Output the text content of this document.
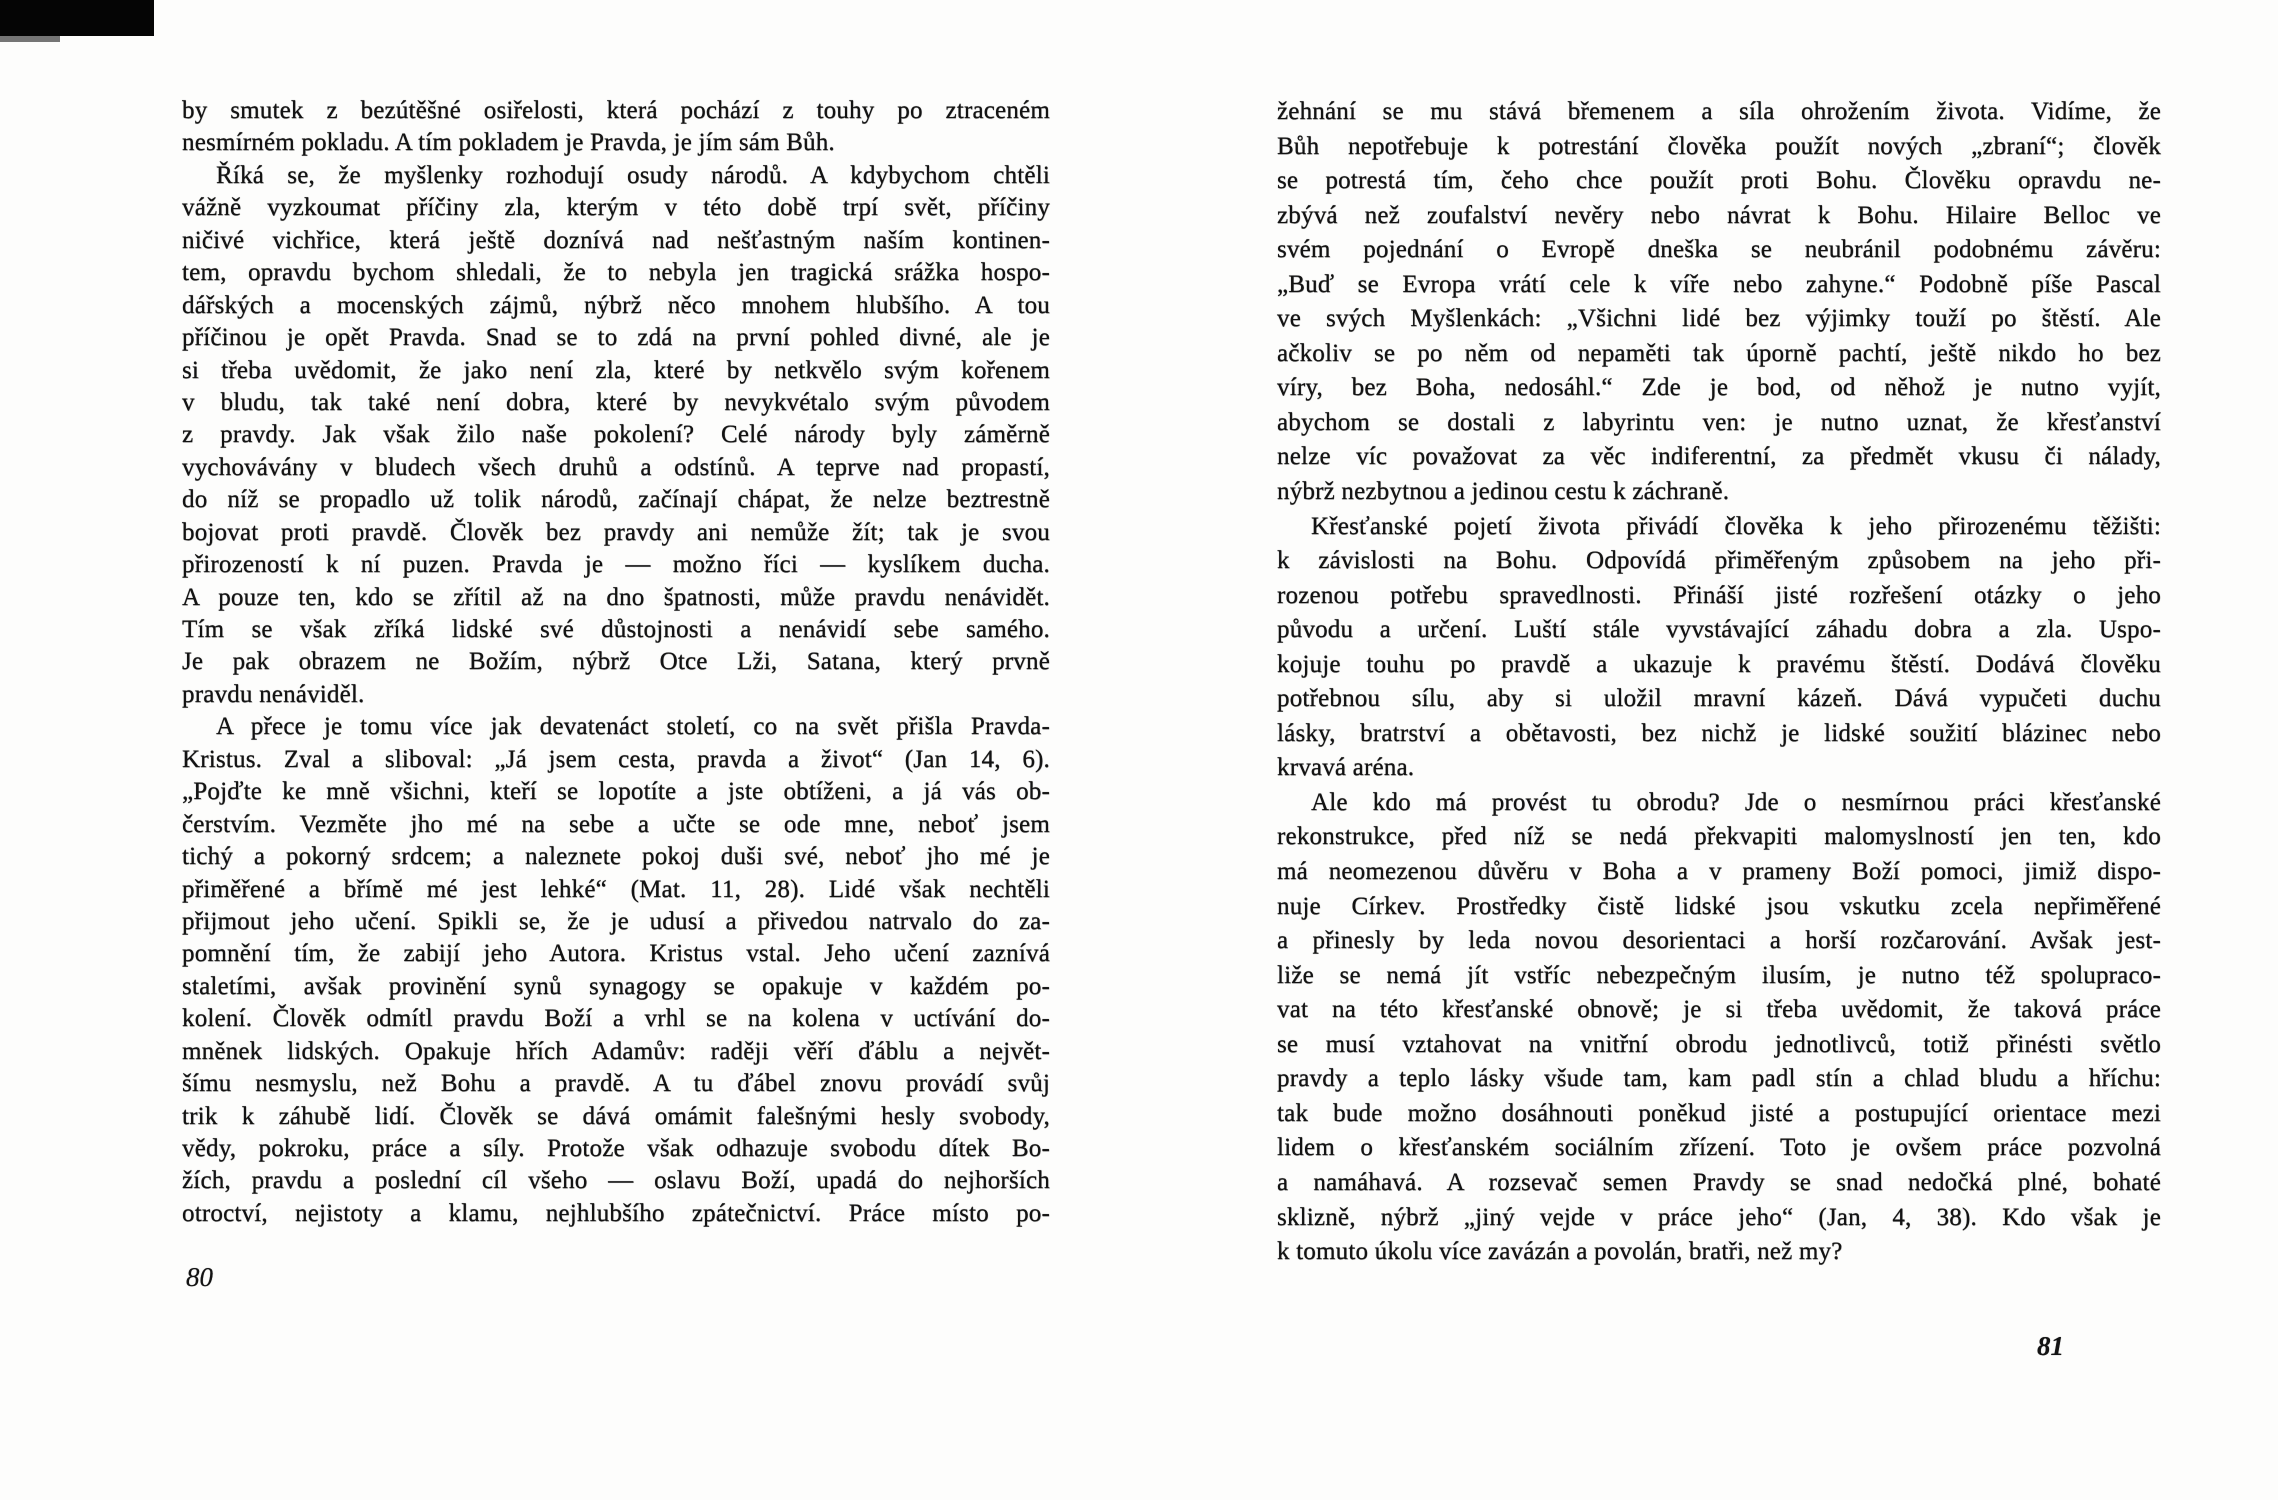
by smutek z bezútěšné osiřelosti, která pochází z touhy po ztraceném
nesmírném pokladu. A tím pokladem je Pravda, je jím sám Bůh.
Říká se, že myšlenky rozhodují osudy národů. A kdybychom chtěli
vážně vyzkoumat příčiny zla, kterým v této době trpí svět, příčiny
ničivé vichřice, která ještě doznívá nad nešťastným naším kontinen-
tem, opravdu bychom shledali, že to nebyla jen tragická srážka hospo-
dářských a mocenských zájmů, nýbrž něco mnohem hlubšího. A tou
příčinou je opět Pravda. Snad se to zdá na první pohled divné, ale je
si třeba uvědomit, že jako není zla, které by netkvělo svým kořenem
v bludu, tak také není dobra, které by nevykvétalo svým původem
z pravdy. Jak však žilo naše pokolení? Celé národy byly záměrně
vychovávány v bludech všech druhů a odstínů. A teprve nad propastí,
do níž se propadlo už tolik národů, začínají chápat, že nelze beztrestně
bojovat proti pravdě. Člověk bez pravdy ani nemůže žít; tak je svou
přirozeností k ní puzen. Pravda je — možno říci — kyslíkem ducha.
A pouze ten, kdo se zřítil až na dno špatnosti, může pravdu nenávidět.
Tím se však zříká lidské své důstojnosti a nenávidí sebe samého.
Je pak obrazem ne Božím, nýbrž Otce Lži, Satana, který prvně
pravdu nenáviděl.
A přece je tomu více jak devatenáct století, co na svět přišla Pravda-
Kristus. Zval a sliboval: „Já jsem cesta, pravda a život“ (Jan 14, 6).
„Pojďte ke mně všichni, kteří se lopotíte a jste obtíženi, a já vás ob-
čerstvím. Vezměte jho mé na sebe a učte se ode mne, neboť jsem
tichý a pokorný srdcem; a naleznete pokoj duši své, neboť jho mé je
přiměřené a břímě mé jest lehké“ (Mat. 11, 28). Lidé však nechtěli
přijmout jeho učení. Spikli se, že je udusí a přivedou natrvalo do za-
pomnění tím, že zabijí jeho Autora. Kristus vstal. Jeho učení zaznívá
staletími, avšak provinění synů synagogy se opakuje v každém po-
kolení. Člověk odmítl pravdu Boží a vrhl se na kolena v uctívání do-
mněnek lidských. Opakuje hřích Adamův: raději věří ďáblu a největ-
šímu nesmyslu, než Bohu a pravdě. A tu ďábel znovu provádí svůj
trik k záhubě lidí. Člověk se dává omámit falešnými hesly svobody,
vědy, pokroku, práce a síly. Protože však odhazuje svobodu dítek Bo-
žích, pravdu a poslední cíl všeho — oslavu Boží, upadá do nejhorších
otroctví, nejistoty a klamu, nejhlubšího zpátečnictví. Práce místo po-
80
žehnání se mu stává břemenem a síla ohrožením života. Vidíme, že
Bůh nepotřebuje k potrestání člověka použít nových „zbraní“; člověk
se potrestá tím, čeho chce použít proti Bohu. Člověku opravdu ne-
zbývá než zoufalství nevěry nebo návrat k Bohu. Hilaire Belloc ve
svém pojednání o Evropě dneška se neubránil podobnému závěru:
„Buď se Evropa vrátí cele k víře nebo zahyne.“ Podobně píše Pascal
ve svých Myšlenkách: „Všichni lidé bez výjimky touží po štěstí. Ale
ačkoliv se po něm od nepaměti tak úporně pachtí, ještě nikdo ho bez
víry, bez Boha, nedosáhl.“ Zde je bod, od něhož je nutno vyjít,
abychom se dostali z labyrintu ven: je nutno uznat, že křesťanství
nelze víc považovat za věc indiferentní, za předmět vkusu či nálady,
nýbrž nezbytnou a jedinou cestu k záchraně.
Křesťanské pojetí života přivádí člověka k jeho přirozenému těžišti:
k závislosti na Bohu. Odpovídá přiměřeným způsobem na jeho při-
rozenou potřebu spravedlnosti. Přináší jisté rozřešení otázky o jeho
původu a určení. Luští stále vyvstávající záhadu dobra a zla. Uspo-
kojuje touhu po pravdě a ukazuje k pravému štěstí. Dodává člověku
potřebnou sílu, aby si uložil mravní kázeň. Dává vypučeti duchu
lásky, bratrství a obětavosti, bez nichž je lidské soužití blázinec nebo
krvavá aréna.
Ale kdo má provést tu obrodu? Jde o nesmírnou práci křesťanské
rekonstrukce, před níž se nedá překvapiti malomyslností jen ten, kdo
má neomezenou důvěru v Boha a v prameny Boží pomoci, jimiž dispo-
nuje Církev. Prostředky čistě lidské jsou vskutku zcela nepřiměřené
a přinesly by leda novou desorientaci a horší rozčarování. Avšak jest-
liže se nemá jít vstříc nebezpečným ilusím, je nutno též spolupraco-
vat na této křesťanské obnově; je si třeba uvědomit, že taková práce
se musí vztahovat na vnitřní obrodu jednotlivců, totiž přinésti světlo
pravdy a teplo lásky všude tam, kam padl stín a chlad bludu a hříchu:
tak bude možno dosáhnouti poněkud jisté a postupující orientace mezi
lidem o křesťanském sociálním zřízení. Toto je ovšem práce pozvolná
a namáhavá. A rozsevač semen Pravdy se snad nedočká plné, bohaté
sklizně, nýbrž „jiný vejde v práce jeho“ (Jan, 4, 38). Kdo však je
k tomuto úkolu více zavázán a povolán, bratři, než my?
81
